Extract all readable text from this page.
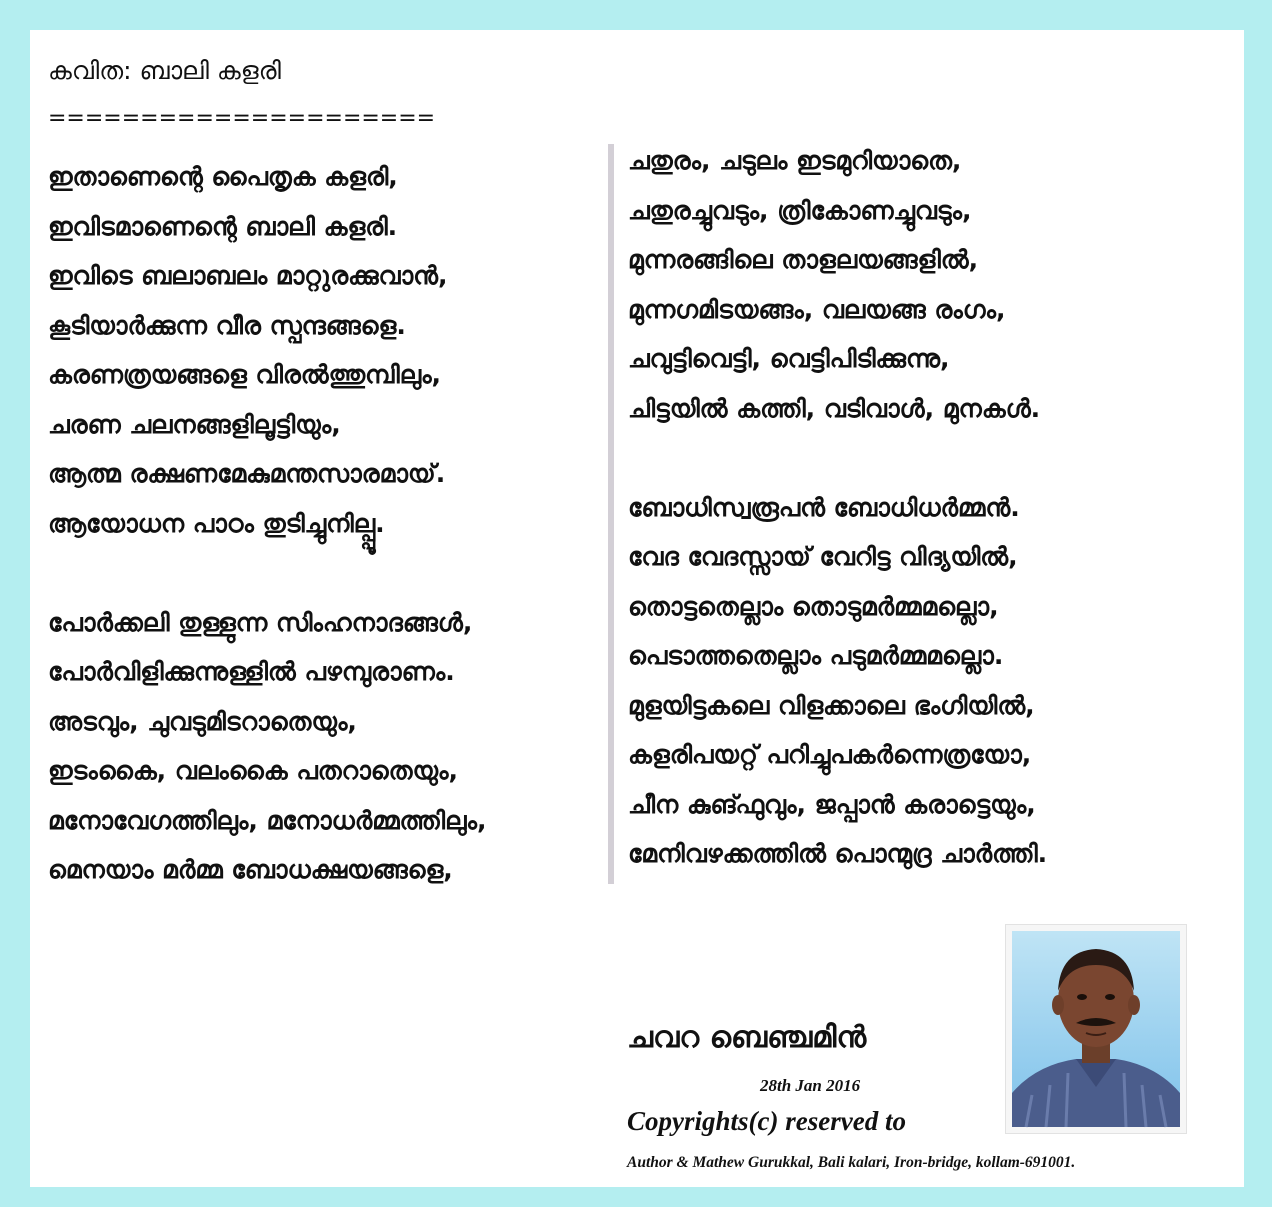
കവിത: ബാലി കളരി
=====================
ഇതാണെന്റെ പൈതൃക കളരി,
ഇവിടമാണെന്റെ ബാലി കളരി.
ഇവിടെ ബലാബലം മാറ്റുരക്കുവാൻ,
കൂടിയാർക്കുന്ന വീര സ്പന്ദങ്ങളെ.
കരണത്രയങ്ങളെ വിരൽത്തുമ്പിലും,
ചരണ ചലനങ്ങളിലൂട്ടിയും,
ആത്മ രക്ഷണമേകുമന്തസാരമായ്.
ആയോധന പാഠം തുടിച്ചുനില്പ്പൂ.
പോർക്കലി തുള്ളുന്ന സിംഹനാദങ്ങൾ,
പോർവിളിക്കുന്നുള്ളിൽ പഴമ്പുരാണം.
അടവും, ചുവടുമിടറാതെയും,
ഇടംകൈ, വലംകൈ പതറാതെയും,
മനോവേഗത്തിലും, മനോധർമ്മത്തിലും,
മെനയാം മർമ്മ ബോധക്ഷയങ്ങളെ,
ചതുരം, ചടുലം ഇടമുറിയാതെ,
ചതുരച്ചുവടും, ത്രികോണച്ചുവടും,
മുന്നരങ്ങിലെ താളലയങ്ങളിൽ,
മുന്നഗമിടയങ്ങം, വലയങ്ങ രംഗം,
ചവുട്ടിവെട്ടി, വെട്ടിപിടിക്കുന്നു,
ചിട്ടയിൽ കത്തി, വടിവാൾ, മുനകൾ.
ബോധിസ്വരൂപൻ ബോധിധർമ്മൻ.
വേദ വേദസ്സായ് വേറിട്ട വിദ്യയിൽ,
തൊട്ടതെല്ലാം തൊടുമർമ്മമല്ലൊ,
പെടാത്തതെല്ലാം പടുമർമ്മമല്ലൊ.
മുളയിട്ടകലെ വിളക്കാലെ ഭംഗിയിൽ,
കളരിപയറ്റ് പറിച്ചുപകർന്നെത്രയോ,
ചീന കുങ്ഫുവും, ജപ്പാൻ കരാട്ടെയും,
മേനിവഴക്കത്തിൽ പൊന്മുദ്ര ചാർത്തി.
ചവറ ബെഞ്ചമിൻ
28th Jan 2016
Copyrights(c) reserved to
Author & Mathew Gurukkal, Bali kalari, Iron-bridge, kollam-691001.
